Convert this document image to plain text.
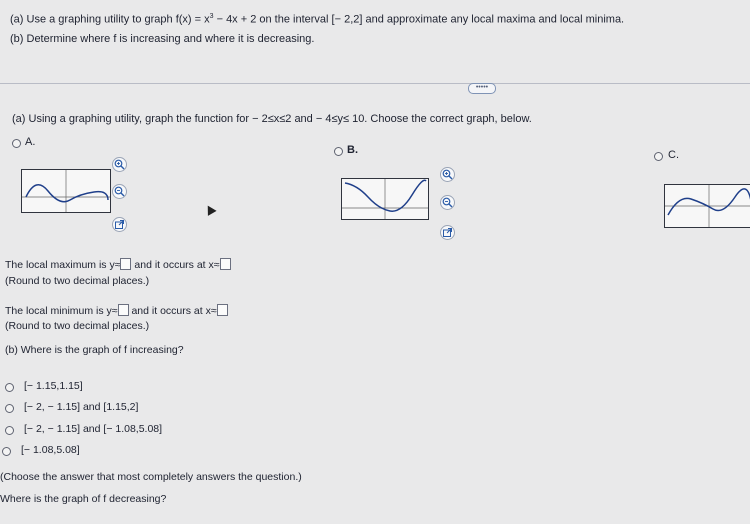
(a) Use a graphing utility to graph $f(x) = x^3 - 4x + 2$ on the interval [− 2,2] and approximate any local maxima and local minima.
(b) Determine where f is increasing and where it is decreasing.
•••••
(a) Using a graphing utility, graph the function for − 2≤x≤2 and − 4≤y≤ 10. Choose the correct graph, below.
A.
B.	C.
The local maximum is y≈ and it occurs at x≈
(Round to two decimal places.)
The local minimum is y≈ and it occurs at x≈
(Round to two decimal places.)
(b) Where is the graph of f increasing?
[− 1.15,1.15]
[− 2, − 1.15] and [1.15,2]
[− 2, − 1.15] and [− 1.08,5.08]
[− 1.08,5.08]
(Choose the answer that most completely answers the question.)
Where is the graph of f decreasing?
